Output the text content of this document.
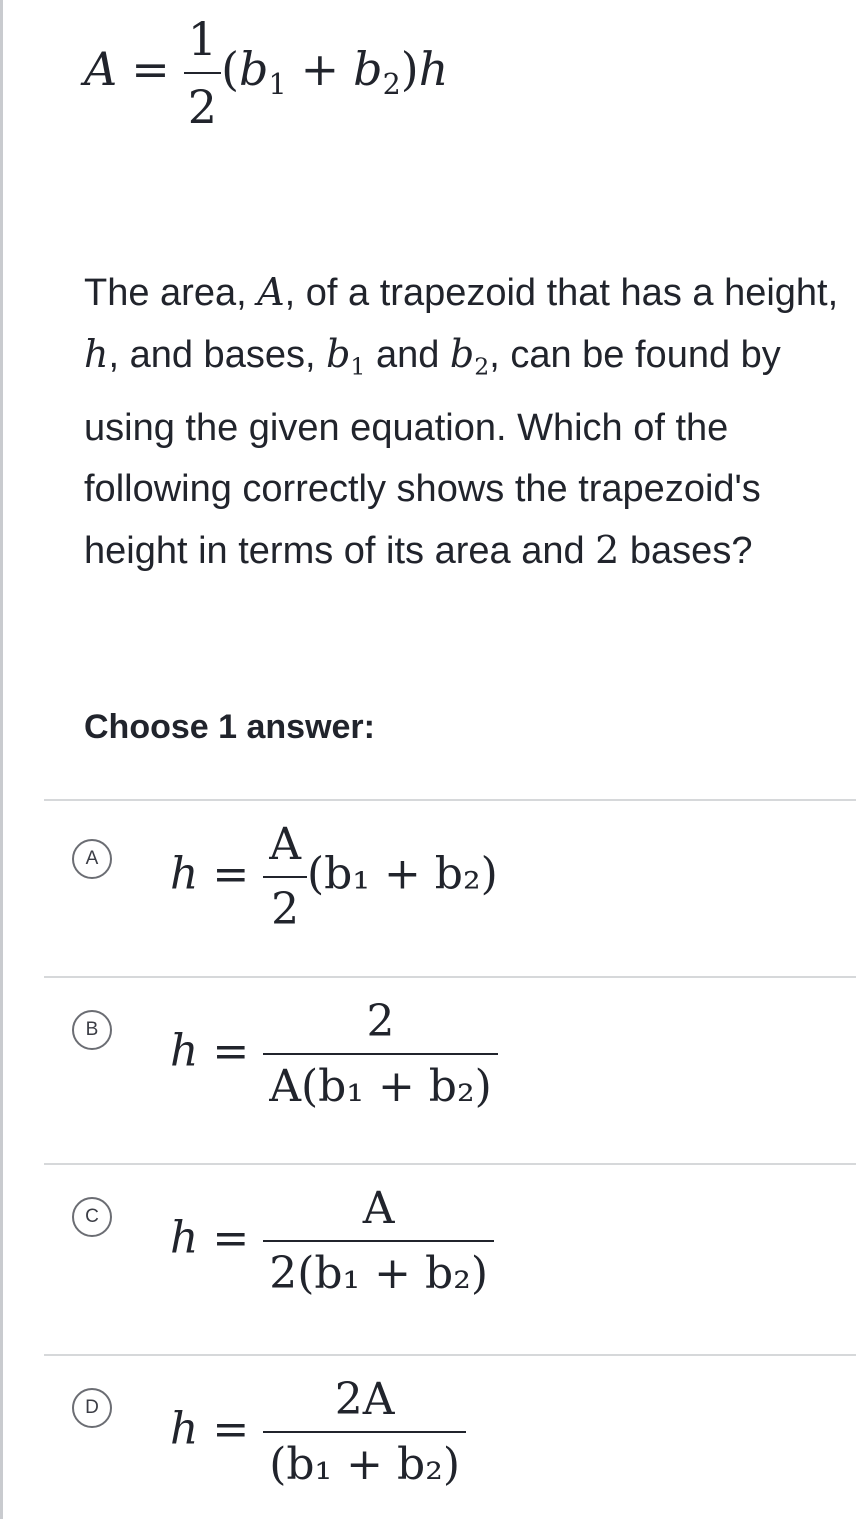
$A = \frac{1}{2} (b_1 + b_2)h$

The area, A, of a trapezoid that has a height, h, and bases, $b_1$ and $b_2$, can be found by using the given equation. Which of the following correctly shows the trapezoid's height in terms of its area and 2 bases?

Choose 1 answer:

A	$h = \frac{A}{2} (b_1 + b_2)$
B	$h = \frac{2}{\text{A(b₁ + b₂)}}$
C $h = \frac{A}{\text{2(b₁ + b₂)}}$
D $h = \frac{2A}{\text{(b₁ + b₂)}}$
